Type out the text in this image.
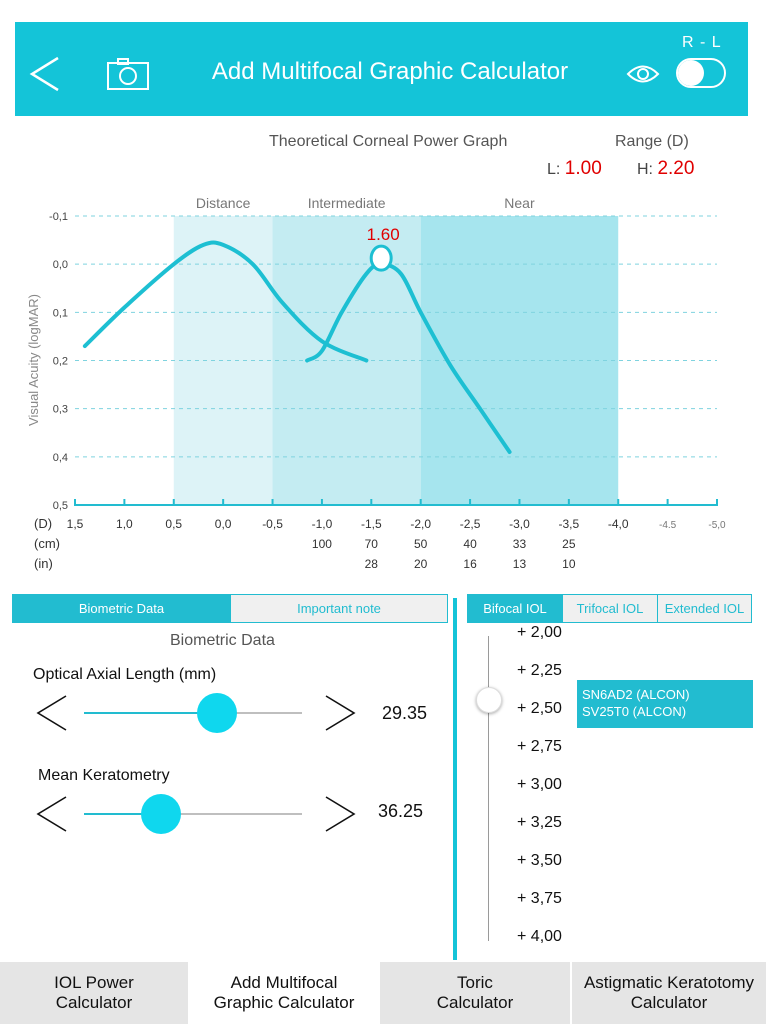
Add Multifocal Graphic Calculator
R - L
Theoretical Corneal Power Graph	Range (D)
L: 1.00 H: 2.20
Distance	Intermediate	Near
-0,1
0,0
0,1
0,2
0,3
0,4
0,5
Visual Acuity (logMAR)
1,5	1,0	0,5	0,0	-0,5 -1,0
100
-1,5
70
28
-2,0
50
20
-2,5
40
16
-3,0
33
13
-3,5
25
10
-4,0	-4.5	-5,0
(D)
(cm)
(in)
1.60
Biometric Data	Important note
Biometric Data
Optical Axial Length (mm)
29.35
Mean Keratometry
36.25
Bifocal IOL	Trifocal IOL	Extended IOL
+ 2,00
+ 2,25
+ 2,50
+ 2,75
+ 3,00
+ 3,25
+ 3,50
+ 3,75
+ 4,00
SN6AD2 (ALCON)
SV25T0 (ALCON)
IOL Power
Calculator
Add Multifocal
Graphic Calculator
Toric
Calculator
Astigmatic Keratotomy
Calculator
